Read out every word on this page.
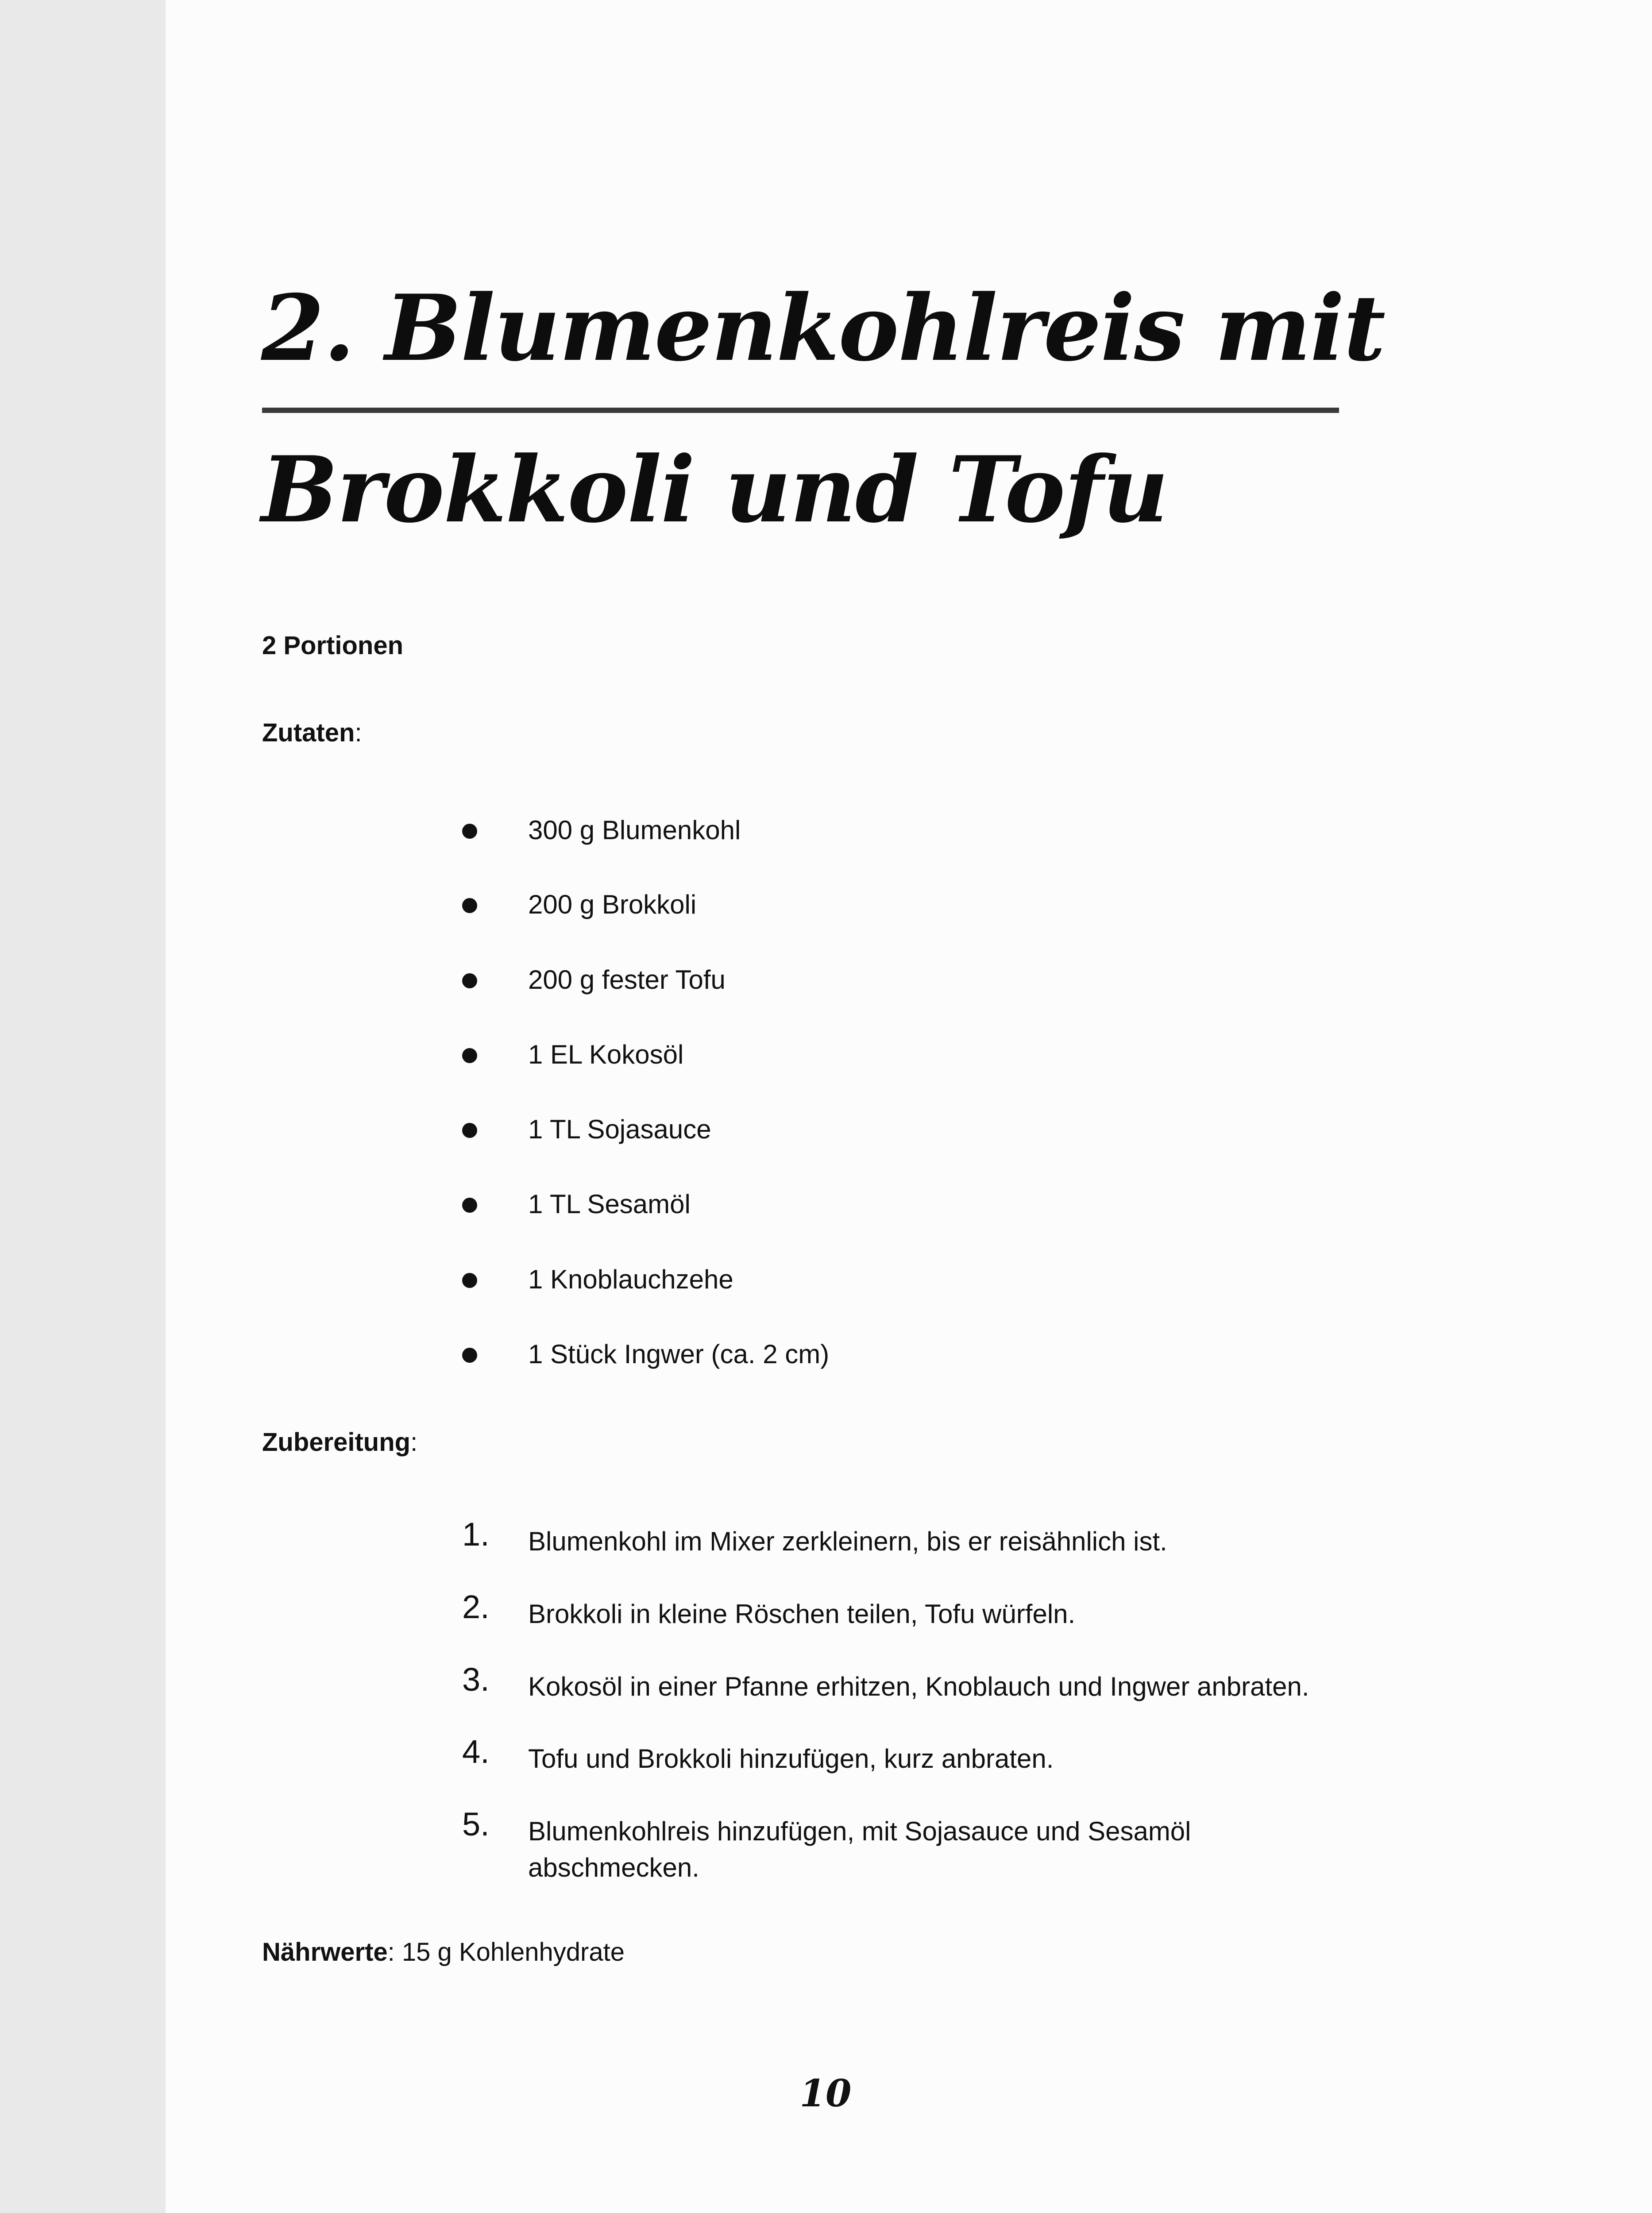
2. Blumenkohlreis mit
Brokkoli und Tofu
2 Portionen
Zutaten:
300 g Blumenkohl
200 g Brokkoli
200 g fester Tofu
1 EL Kokosöl
1 TL Sojasauce
1 TL Sesamöl
1 Knoblauchzehe
1 Stück Ingwer (ca. 2 cm)
Zubereitung:
1. Blumenkohl im Mixer zerkleinern, bis er reisähnlich ist.
2. Brokkoli in kleine Röschen teilen, Tofu würfeln.
3. Kokosöl in einer Pfanne erhitzen, Knoblauch und Ingwer anbraten.
4. Tofu und Brokkoli hinzufügen, kurz anbraten.
5. Blumenkohlreis hinzufügen, mit Sojasauce und Sesamöl
abschmecken.
Nährwerte: 15 g Kohlenhydrate
10
